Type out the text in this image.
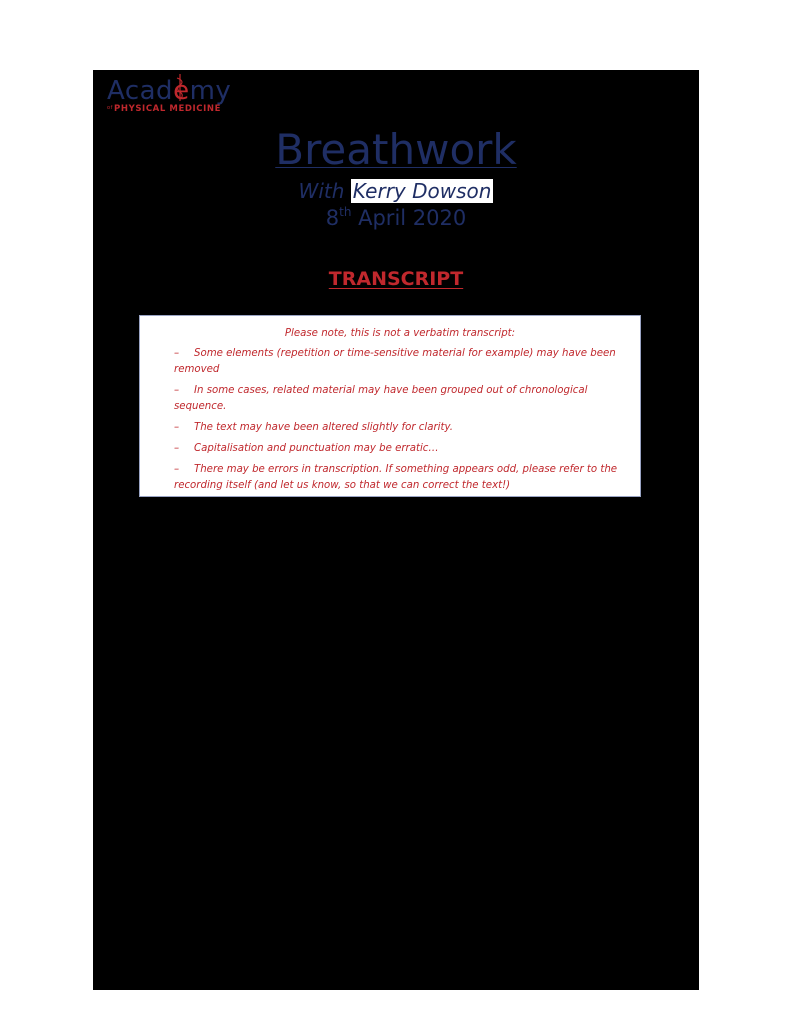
Academy
$^{of}$PHYSICAL MEDICINE
Breathwork
With Kerry Dowson
8th April 2020
TRANSCRIPT

Please note, this is not a verbatim transcript:

– Some elements (repetition or time-sensitive material for example) may have been removed
– In some cases, related material may have been grouped out of chronological sequence.
– The text may have been altered slightly for clarity.
– Capitalisation and punctuation may be erratic…
– There may be errors in transcription. If something appears odd, please refer to the recording itself (and let us know, so that we can correct the text!)
